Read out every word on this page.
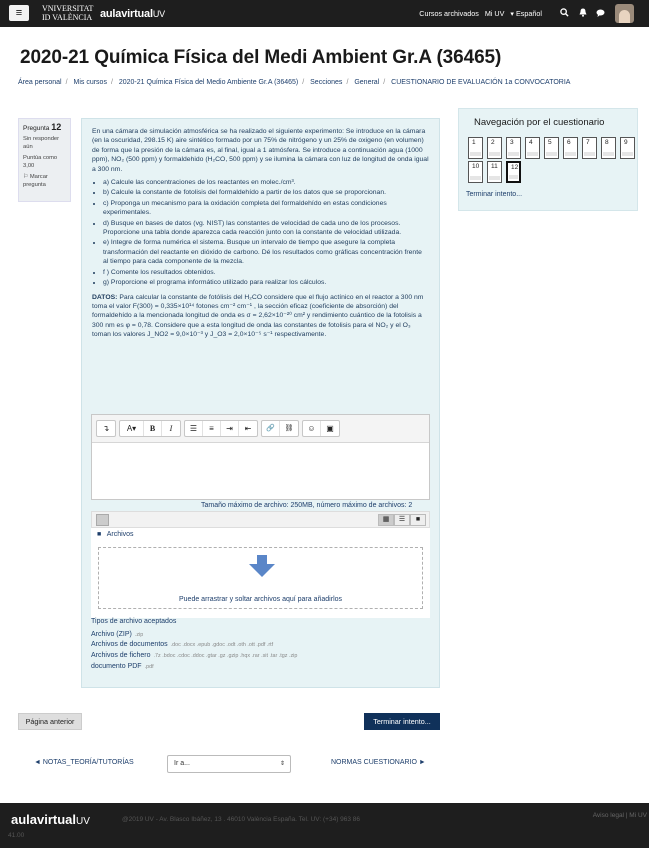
≡	VNIVERSITAT
ID VALÈNCIA aulavirtualUV	Cursos archivados Mi UV ▾ Español
2020-21 Química Física del Medi Ambient Gr.A (36465)
Área personal / Mis cursos / 2020-21 Química Física del Medio Ambiente Gr.A (36465) / Secciones / General / CUESTIONARIO DE EVALUACIÓN 1a CONVOCATORIA
Pregunta 12
Sin responder aún
Puntúa como 3,00
⚐ Marcar pregunta

En una cámara de simulación atmosférica se ha realizado el siguiente experimento: Se introduce en la cámara (en la oscuridad, 298.15 K) aire sintético formado por un 75% de nitrógeno y un 25% de oxigeno (en volumen) de forma que la presión de la cámara es, al final, igual a 1 atmósfera. Se introduce a continuación agua (1000 ppm), NO₂ (500 ppm) y formaldehido (H₂CO, 500 ppm) y se ilumina la cámara con luz de longitud de onda igual a 300 nm.

• a) Calcule las concentraciones de los reactantes en molec./cm³.
• b) Calcule la constante de fotolisis del formaldehído a partir de los datos que se proporcionan.
• c) Proponga un mecanismo para la oxidación completa del formaldehído en estas condiciones experimentales.
• d) Busque en bases de datos (vg. NIST) las constantes de velocidad de cada uno de los procesos. Proporcione una tabla donde aparezca cada reacción junto con la constante de velocidad utilizada.
• e) Integre de forma numérica el sistema. Busque un intervalo de tiempo que asegure la completa transformación del reactante en dióxido de carbono. Dé los resultados como gráficas concentración frente al tiempo para cada componente de la mezcla.
• f ) Comente los resultados obtenidos.
• g) Proporcione el programa informático utilizado para realizar los cálculos.

DATOS: Para calcular la constante de fotólisis del H₂CO considere que el flujo actínico en el reactor a 300 nm toma el valor F(300) = 0,335×10¹⁴ fotones cm⁻² cm⁻¹ , la sección eficaz (coeficiente de absorción) del formaldehído a la mencionada longitud de onda es σ = 2,62×10⁻²⁰ cm² y rendimiento cuántico de la fotolisis a 300 nm es φ = 0,78. Considere que a esta longitud de onda las constantes de fotolisis para el NO₂ y el O₃ toman los valores J_NO2 = 9,0×10⁻³ y J_O3 = 2,0×10⁻⁵ s⁻¹ respectivamente.

↴	A▾	B	I	☰	≡	⇥	⇤	🔗	⛓	☺	▣
Tamaño máximo de archivo: 250MB, número máximo de archivos: 2
▦	☰	■
■ Archivos
Puede arrastrar y soltar archivos aquí para añadirlos
Tipos de archivo aceptados
Archivo (ZIP) .zip
Archivos de documentos .doc .docx .epub .gdoc .odt .oth .ott .pdf .rtf
Archivos de fichero .7z .bdoc .cdoc .ddoc .gtar .gz .gzip .hqx .rar .sit .tar .tgz .zip
documento PDF .pdf
Página anterior	Terminar intento...
◄ NOTAS_TEORÍA/TUTORÍAS	Ir a...	⇕	NORMAS CUESTIONARIO ►
Navegación por el cuestionario
1	2	3	4	5	6	7	8	9
10	11	12
Terminar intento...
aulavirtualUV	@2019 UV - Av. Blasco Ibáñez, 13 . 46010 València España. Tel. UV: (+34) 963 86
Aviso legal | Mi UV
41.00
